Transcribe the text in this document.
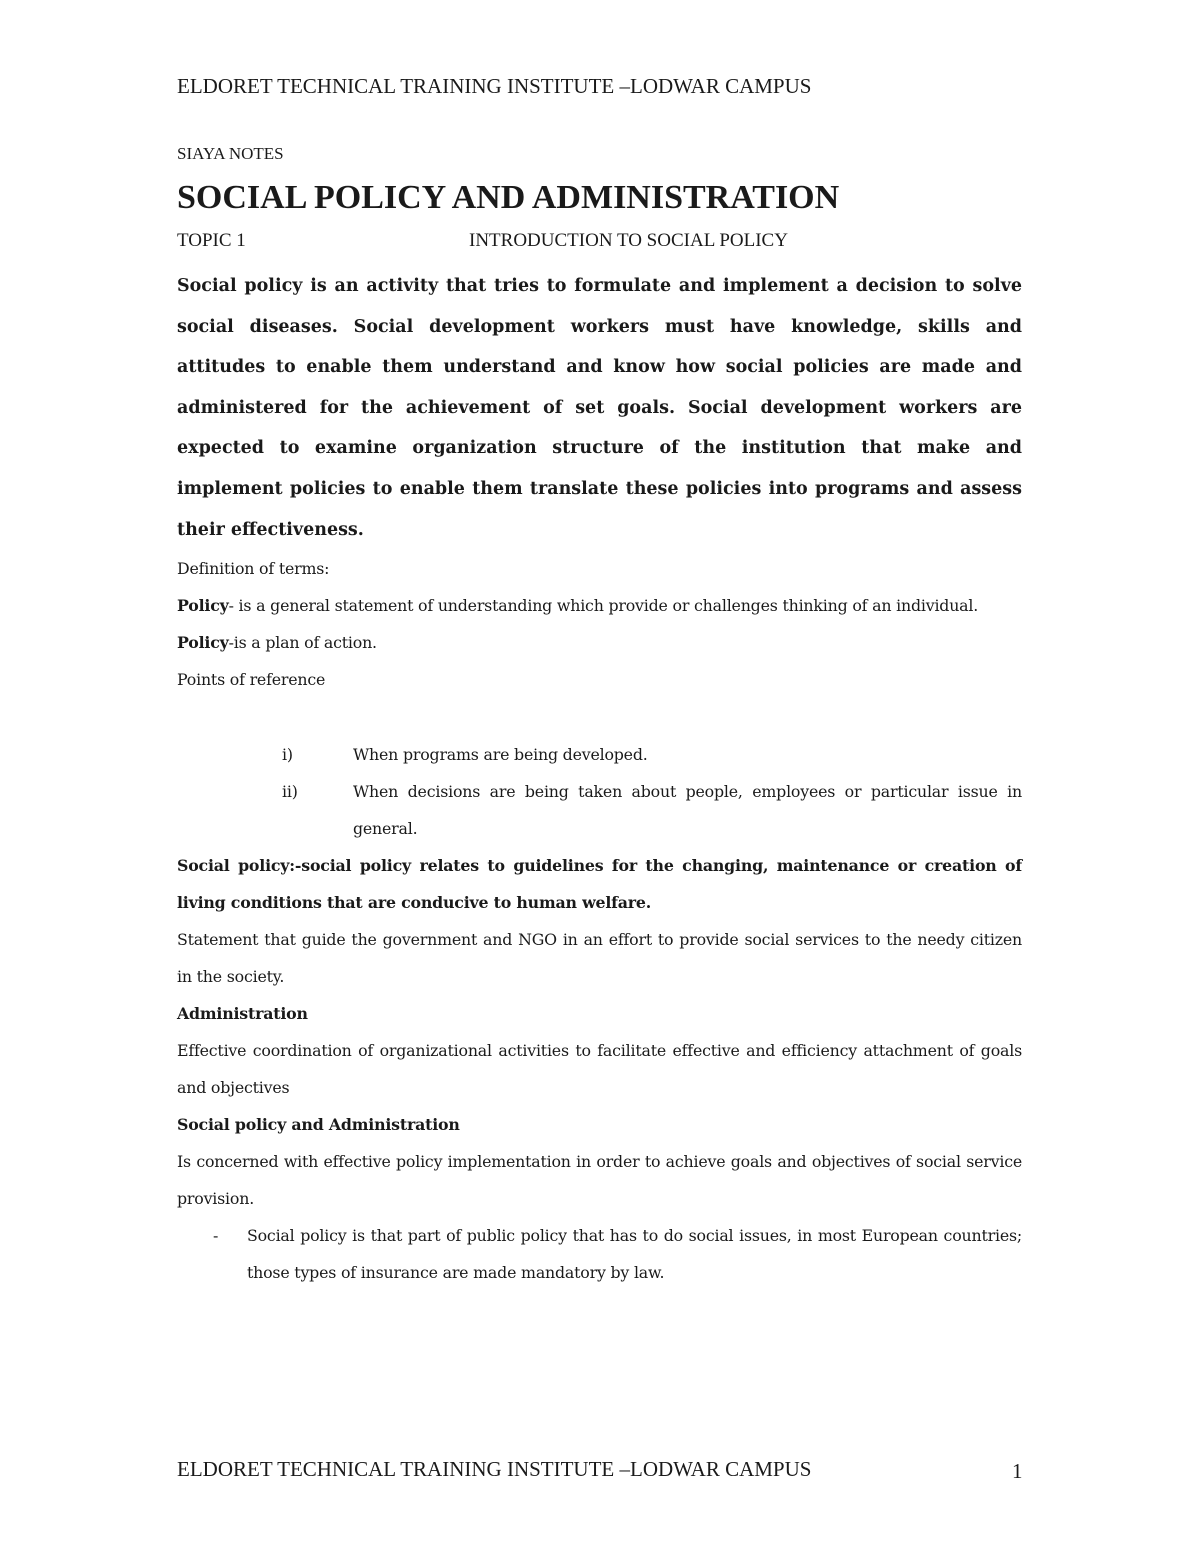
ELDORET TECHNICAL TRAINING INSTITUTE –LODWAR CAMPUS

SIAYA NOTES

SOCIAL POLICY AND ADMINISTRATION
TOPIC 1	INTRODUCTION TO SOCIAL POLICY

Social policy is an activity that tries to formulate and implement a decision to solve social diseases. Social development workers must have knowledge, skills and attitudes to enable them understand and know how social policies are made and administered for the achievement of set goals. Social development workers are expected to examine organization structure of the institution that make and implement policies to enable them translate these policies into programs and assess their effectiveness.

Definition of terms:

Policy- is a general statement of understanding which provide or challenges thinking of an individual.

Policy-is a plan of action.

Points of reference

i)	When programs are being developed.
ii)	When decisions are being taken about people, employees or particular issue in general.

Social policy:-social policy relates to guidelines for the changing, maintenance or creation of living conditions that are conducive to human welfare.

Statement that guide the government and NGO in an effort to provide social services to the needy citizen in the society.

Administration

Effective coordination of organizational activities to facilitate effective and efficiency attachment of goals and objectives

Social policy and Administration

Is concerned with effective policy implementation in order to achieve goals and objectives of social service provision.

- Social policy is that part of public policy that has to do social issues, in most European countries; those types of insurance are made mandatory by law.
ELDORET TECHNICAL TRAINING INSTITUTE –LODWAR CAMPUS	1
